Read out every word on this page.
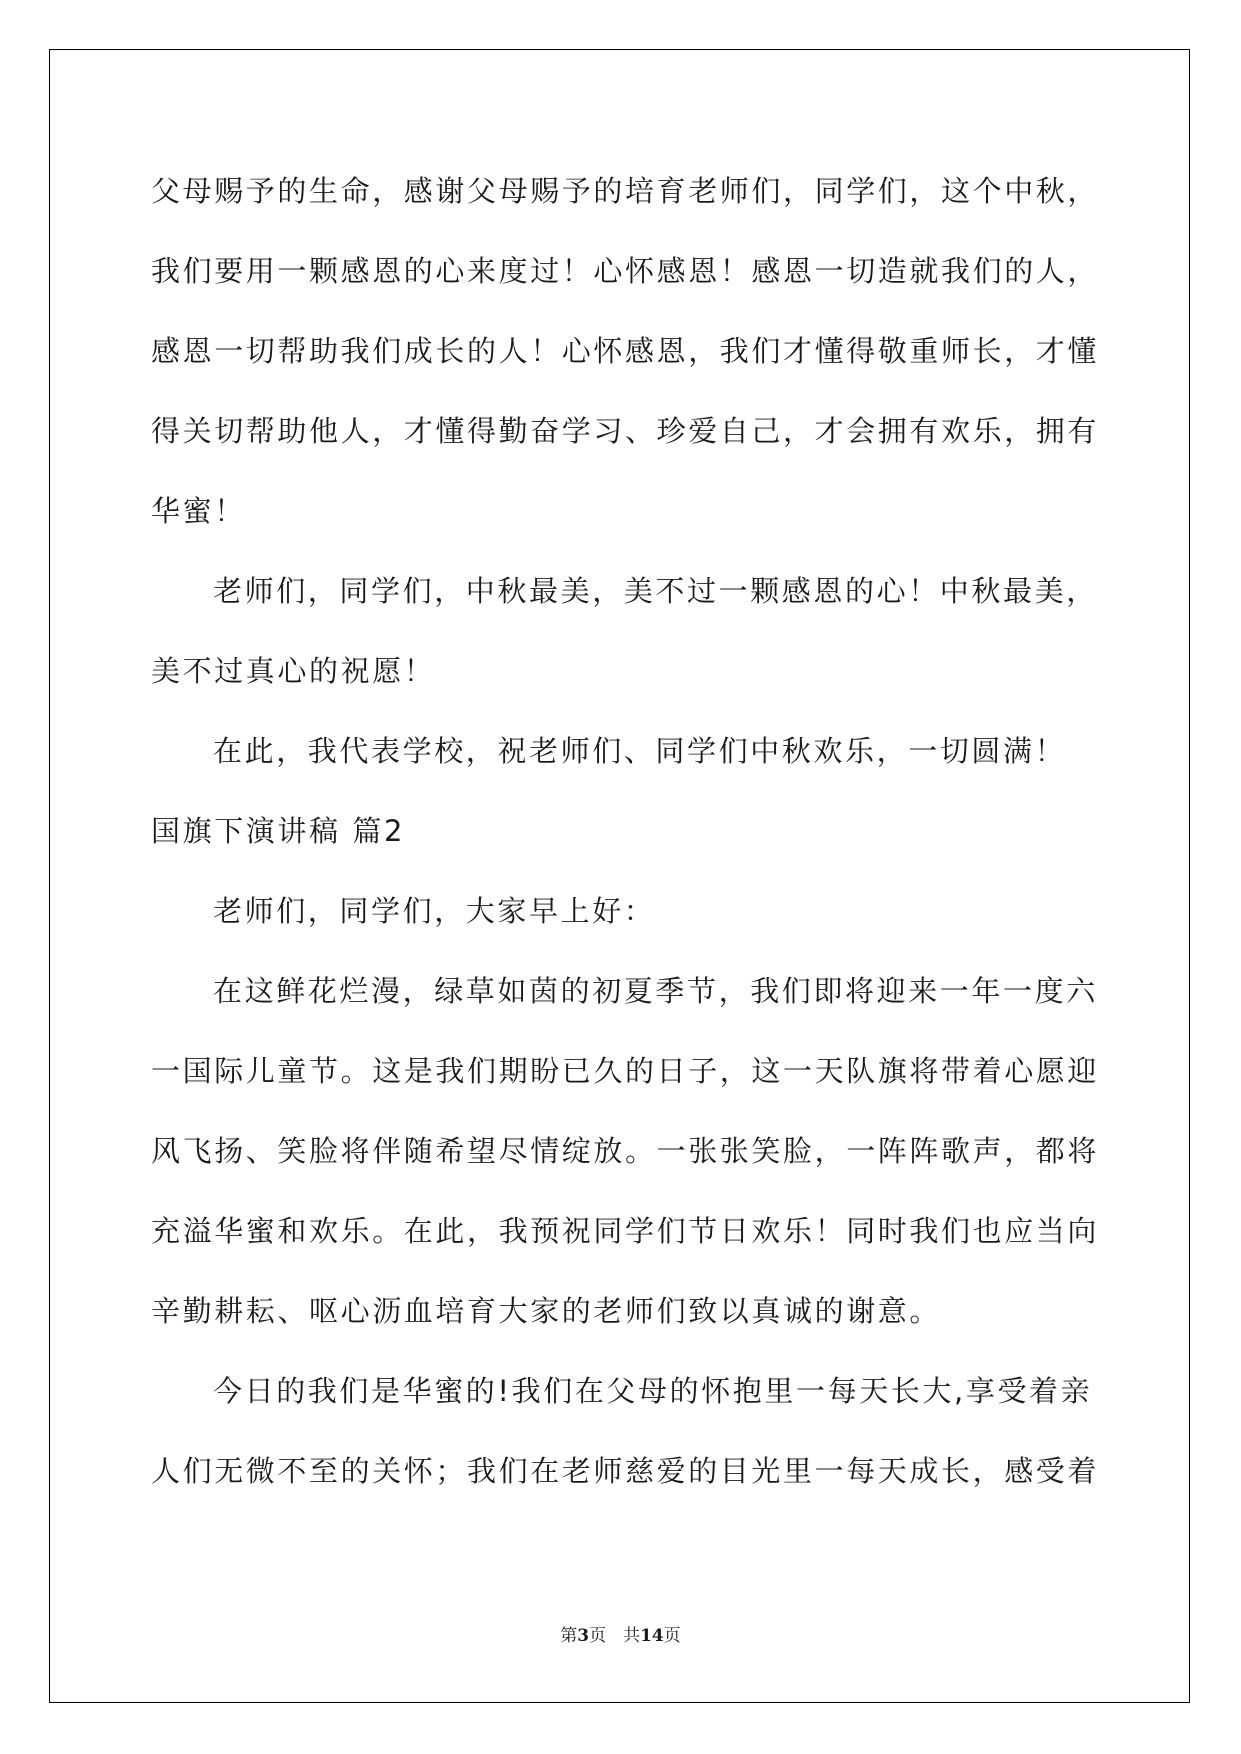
父母赐予的生命，感谢父母赐予的培育老师们，同学们，这个中秋，
我们要用一颗感恩的心来度过！心怀感恩！感恩一切造就我们的人，
感恩一切帮助我们成长的人！心怀感恩，我们才懂得敬重师长，才懂
得关切帮助他人，才懂得勤奋学习、珍爱自己，才会拥有欢乐，拥有
华蜜！
老师们，同学们，中秋最美，美不过一颗感恩的心！中秋最美，
美不过真心的祝愿！
在此，我代表学校，祝老师们、同学们中秋欢乐，一切圆满！
国旗下演讲稿 篇2
老师们，同学们，大家早上好：
在这鲜花烂漫，绿草如茵的初夏季节，我们即将迎来一年一度六
一国际儿童节。这是我们期盼已久的日子，这一天队旗将带着心愿迎
风飞扬、笑脸将伴随希望尽情绽放。一张张笑脸，一阵阵歌声，都将
充溢华蜜和欢乐。在此，我预祝同学们节日欢乐！同时我们也应当向
辛勤耕耘、呕心沥血培育大家的老师们致以真诚的谢意。
今日的我们是华蜜的!我们在父母的怀抱里一每天长大,享受着亲
人们无微不至的关怀；我们在老师慈爱的目光里一每天成长，感受着
第3页　共14页
